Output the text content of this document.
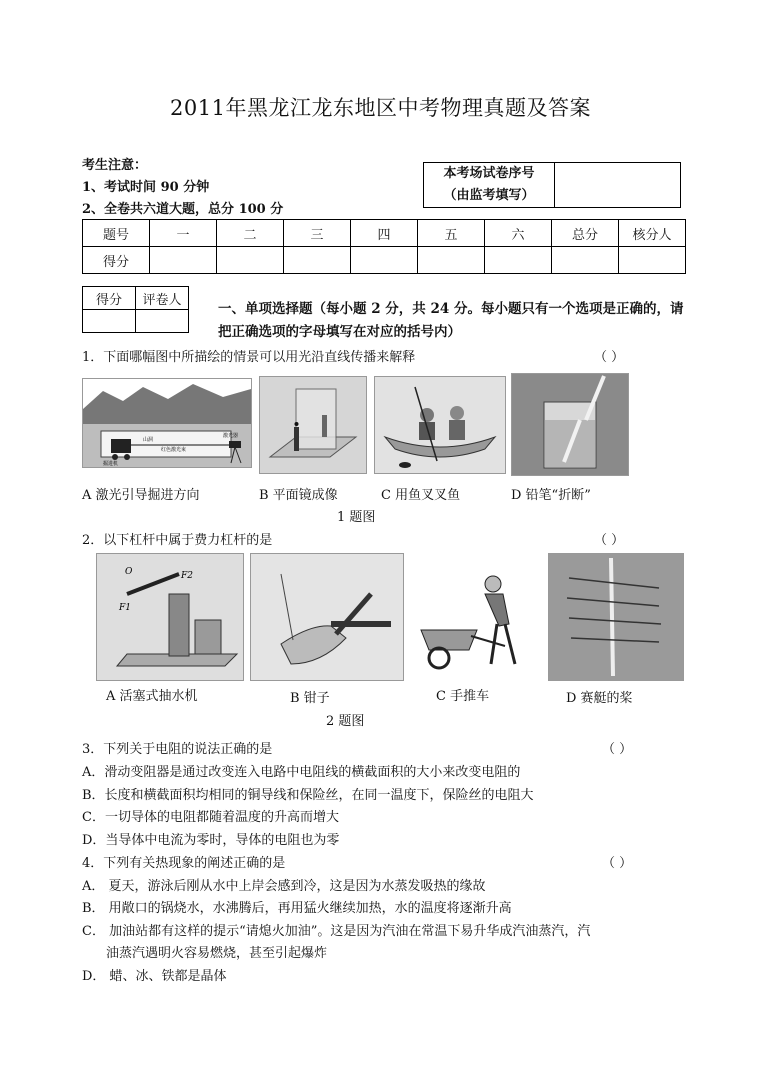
2011年黑龙江龙东地区中考物理真题及答案
考生注意：
1、考试时间 90 分钟
2、全卷共六道大题，总分 100 分
本考场试卷序号
（由监考填写）

题号	一	二	三	四	五	六	总分	核分人
得分								
得分	评卷人

一、单项选择题（每小题 2 分，共 24 分。每小题只有一个选项是正确的，请把正确选项的字母填写在对应的括号内）
1．下面哪幅图中所描绘的情景可以用光沿直线传播来解释	（ ）
山洞
红色激光束
掘进机
激光器
A 激光引导掘进方向	B 平面镜成像	C 用鱼叉叉鱼	D 铅笔“折断”
1 题图
2．以下杠杆中属于费力杠杆的是	（ ）
O	F2
F1
A 活塞式抽水机	B 钳子	C 手推车	D 赛艇的桨
2 题图
3．下列关于电阻的说法正确的是	（ ）
A．滑动变阻器是通过改变连入电路中电阻线的横截面积的大小来改变电阻的
B．长度和横截面积均相同的铜导线和保险丝，在同一温度下，保险丝的电阻大
C．一切导体的电阻都随着温度的升高而增大
D．当导体中电流为零时，导体的电阻也为零
4．下列有关热现象的阐述正确的是	（ ）
A． 夏天，游泳后刚从水中上岸会感到冷，这是因为水蒸发吸热的缘故
B． 用敞口的锅烧水，水沸腾后，再用猛火继续加热，水的温度将逐渐升高
C． 加油站都有这样的提示“请熄火加油”。这是因为汽油在常温下易升华成汽油蒸汽，汽
油蒸汽遇明火容易燃烧，甚至引起爆炸
D． 蜡、冰、铁都是晶体
